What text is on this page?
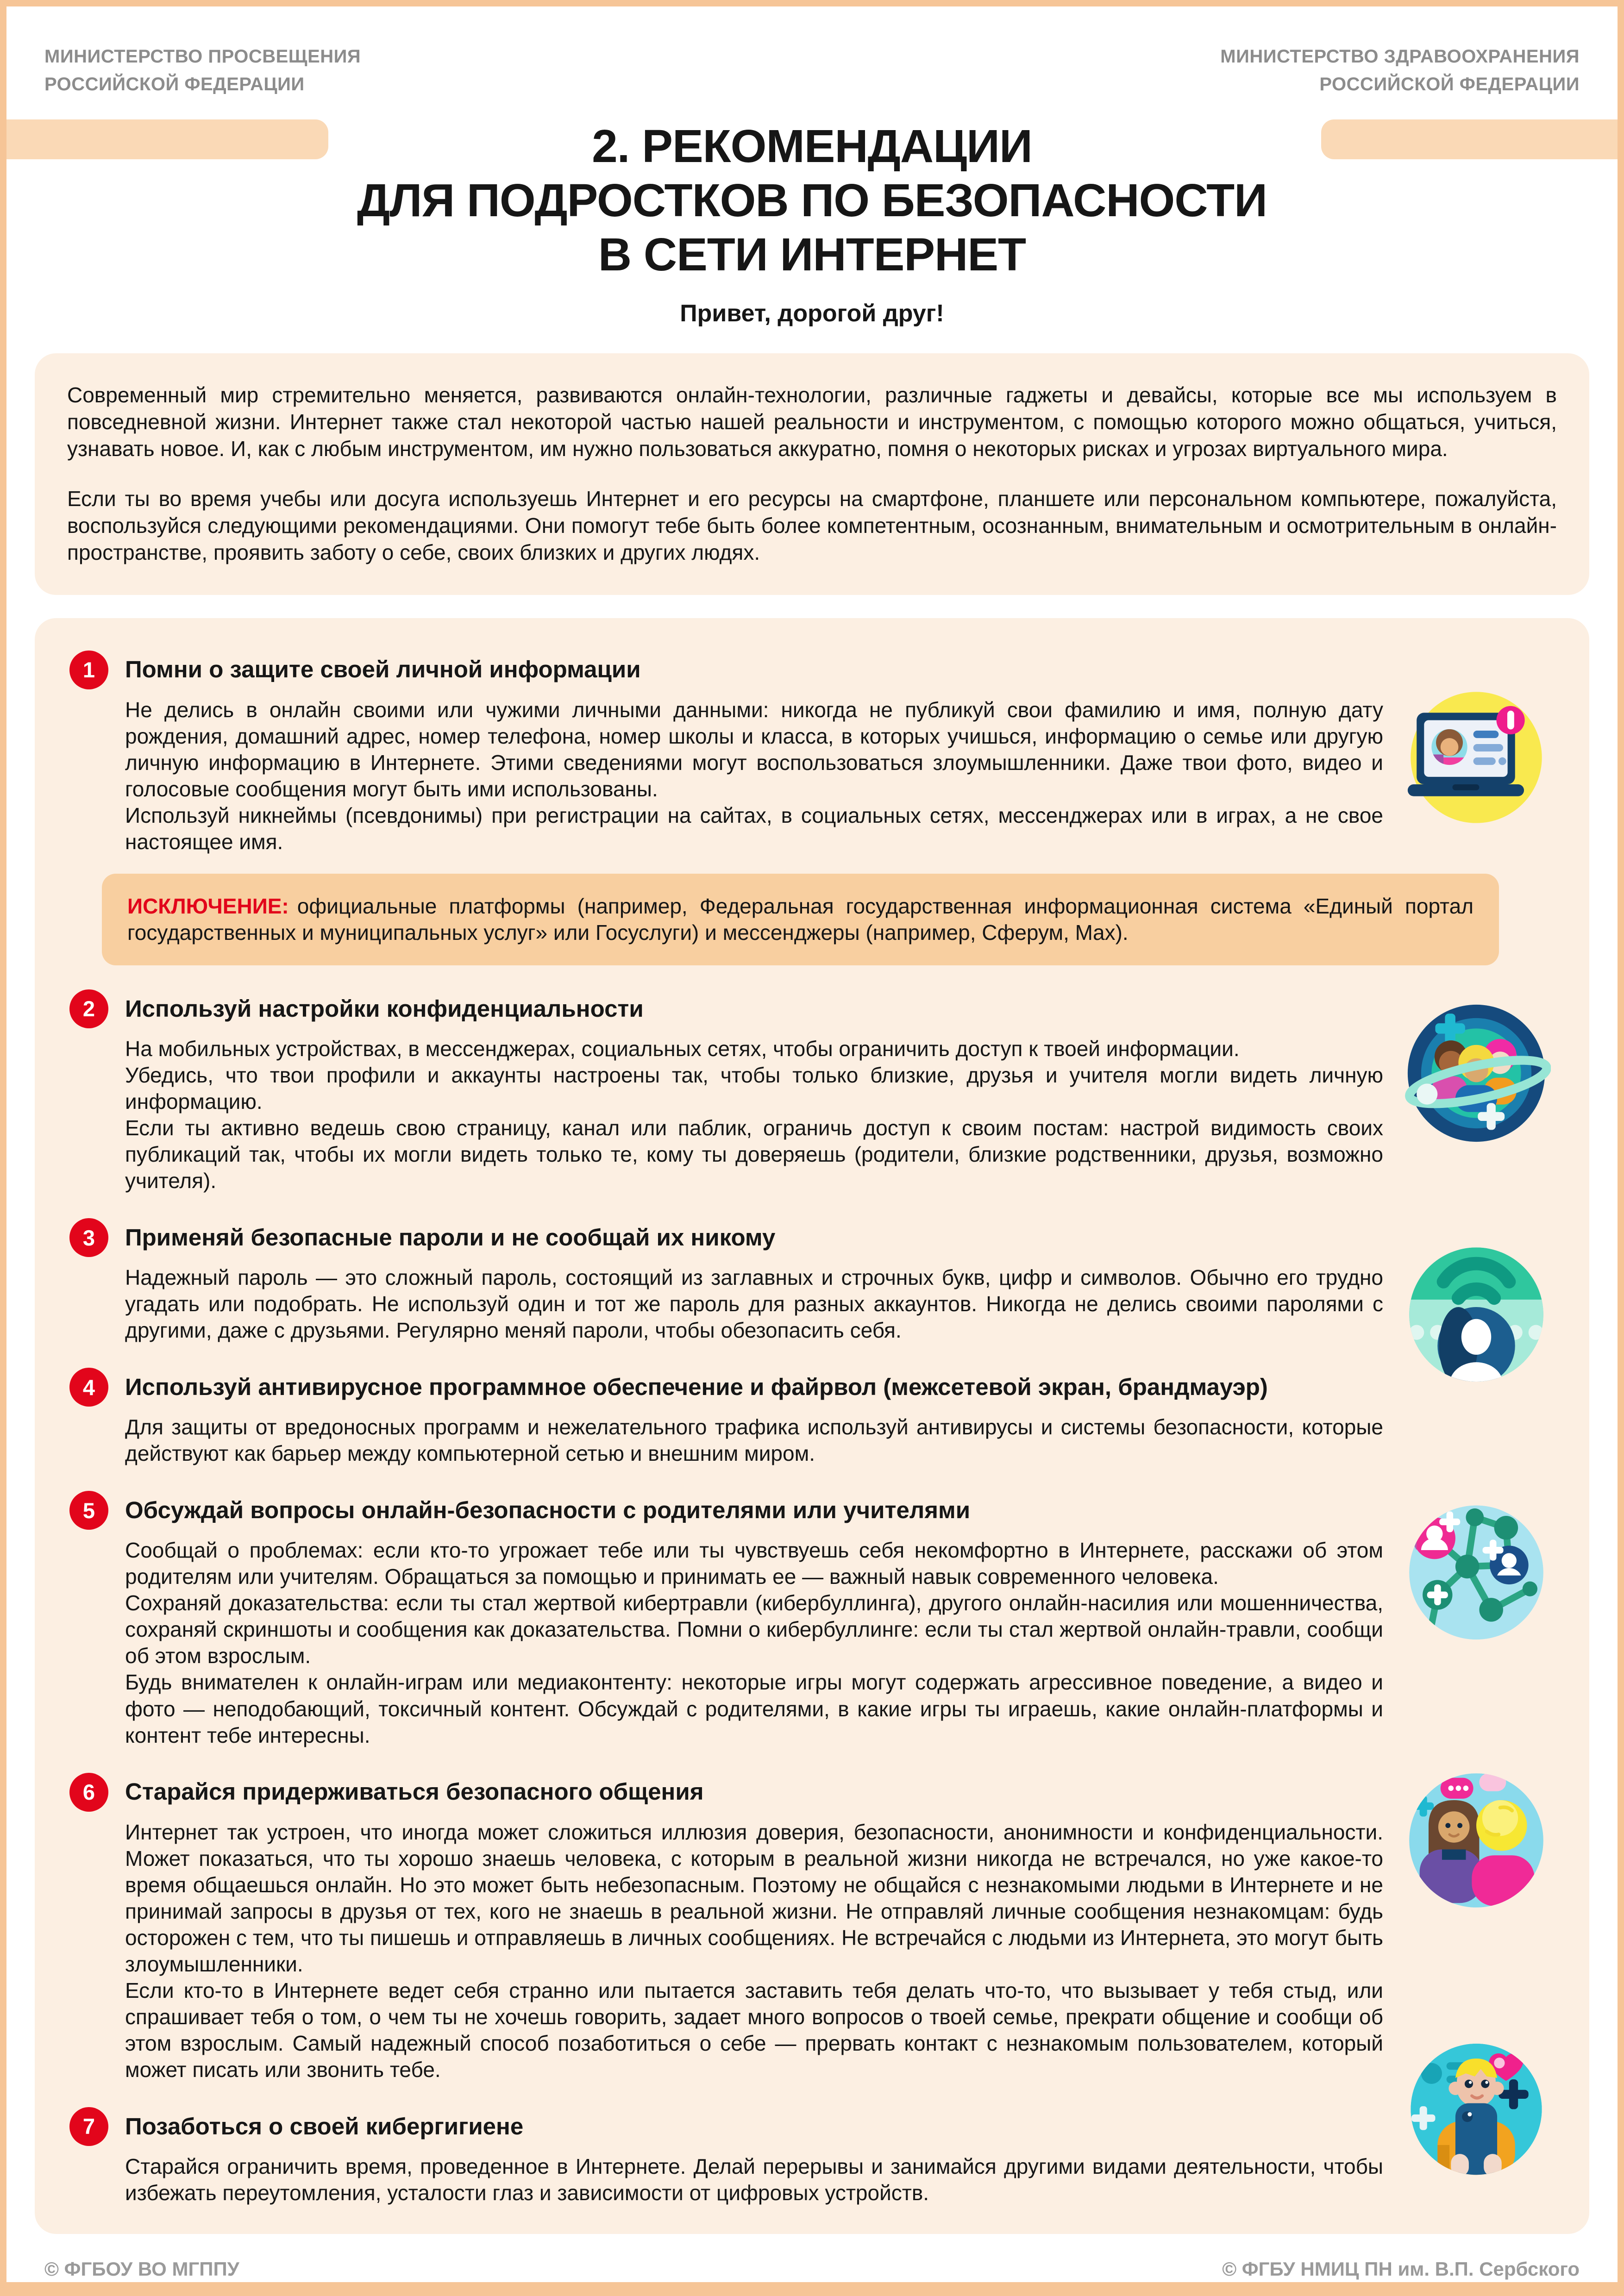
МИНИСТЕРСТВО ПРОСВЕЩЕНИЯ
РОССИЙСКОЙ ФЕДЕРАЦИИ
МИНИСТЕРСТВО ЗДРАВООХРАНЕНИЯ
РОССИЙСКОЙ ФЕДЕРАЦИИ
2. РЕКОМЕНДАЦИИ
ДЛЯ ПОДРОСТКОВ ПО БЕЗОПАСНОСТИ
В СЕТИ ИНТЕРНЕТ
Привет, дорогой друг!

Современный мир стремительно меняется, развиваются онлайн-технологии, различные гаджеты и девайсы, которые все мы используем в повседневной жизни. Интернет также стал некоторой частью нашей реальности и инструментом, с помощью которого можно общаться, учиться, узнавать новое. И, как с любым инструментом, им нужно пользоваться аккуратно, помня о некоторых рисках и угрозах виртуального мира.

Если ты во время учебы или досуга используешь Интернет и его ресурсы на смартфоне, планшете или персональном компьютере, пожалуйста, воспользуйся следующими рекомендациями. Они помогут тебе быть более компетентным, осознанным, внимательным и осмотрительным в онлайн-пространстве, проявить заботу о себе, своих близких и других людях.

1	Помни о защите своей личной информации

Не делись в онлайн своими или чужими личными данными: никогда не публикуй свои фамилию и имя, полную дату рождения, домашний адрес, номер телефона, номер школы и класса, в которых учишься, информацию о семье или другую личную информацию в Интернете. Этими сведениями могут воспользоваться злоумышленники. Даже твои фото, видео и голосовые сообщения могут быть ими использованы.

Используй никнеймы (псевдонимы) при регистрации на сайтах, в социальных сетях, мессенджерах или в играх, а не свое настоящее имя.

ИСКЛЮЧЕНИЕ: официальные платформы (например, Федеральная государственная информационная система «Единый портал государственных и муниципальных услуг» или Госуслуги) и мессенджеры (например, Сферум, Max).
2	Используй настройки конфиденциальности

На мобильных устройствах, в мессенджерах, социальных сетях, чтобы ограничить доступ к твоей информации.

Убедись, что твои профили и аккаунты настроены так, чтобы только близкие, друзья и учителя могли видеть личную информацию.

Если ты активно ведешь свою страницу, канал или паблик, ограничь доступ к своим постам: настрой видимость своих публикаций так, чтобы их могли видеть только те, кому ты доверяешь (родители, близкие родственники, друзья, возможно учителя).

3	Применяй безопасные пароли и не сообщай их никому

Надежный пароль — это сложный пароль, состоящий из заглавных и строчных букв, цифр и символов. Обычно его трудно угадать или подобрать. Не используй один и тот же пароль для разных аккаунтов. Никогда не делись своими паролями с другими, даже с друзьями. Регулярно меняй пароли, чтобы обезопасить себя.

4	Используй антивирусное программное обеспечение и файрвол (межсетевой экран, брандмауэр)

Для защиты от вредоносных программ и нежелательного трафика используй антивирусы и системы безопасности, которые действуют как барьер между компьютерной сетью и внешним миром.

5	Обсуждай вопросы онлайн-безопасности с родителями или учителями

Сообщай о проблемах: если кто-то угрожает тебе или ты чувствуешь себя некомфортно в Интернете, расскажи об этом родителям или учителям. Обращаться за помощью и принимать ее — важный навык современного человека.

Сохраняй доказательства: если ты стал жертвой кибертравли (кибербуллинга), другого онлайн-насилия или мошенничества, сохраняй скриншоты и сообщения как доказательства. Помни о кибербуллинге: если ты стал жертвой онлайн-травли, сообщи об этом взрослым.

Будь внимателен к онлайн-играм или медиаконтенту: некоторые игры могут содержать агрессивное поведение, а видео и фото — неподобающий, токсичный контент. Обсуждай с родителями, в какие игры ты играешь, какие онлайн-платформы и контент тебе интересны.

6	Старайся придерживаться безопасного общения

Интернет так устроен, что иногда может сложиться иллюзия доверия, безопасности, анонимности и конфиденциальности. Может показаться, что ты хорошо знаешь человека, с которым в реальной жизни никогда не встречался, но уже какое-то время общаешься онлайн. Но это может быть небезопасным. Поэтому не общайся с незнакомыми людьми в Интернете и не принимай запросы в друзья от тех, кого не знаешь в реальной жизни. Не отправляй личные сообщения незнакомцам: будь осторожен с тем, что ты пишешь и отправляешь в личных сообщениях. Не встречайся с людьми из Интернета, это могут быть злоумышленники.

Если кто-то в Интернете ведет себя странно или пытается заставить тебя делать что-то, что вызывает у тебя стыд, или спрашивает тебя о том, о чем ты не хочешь говорить, задает много вопросов о твоей семье, прекрати общение и сообщи об этом взрослым. Самый надежный способ позаботиться о себе — прервать контакт с незнакомым пользователем, который может писать или звонить тебе.

7	Позаботься о своей кибергигиене

Старайся ограничить время, проведенное в Интернете. Делай перерывы и занимайся другими видами деятельности, чтобы избежать переутомления, усталости глаз и зависимости от цифровых устройств.

© ФГБОУ ВО МГППУ	© ФГБУ НМИЦ ПН им. В.П. Сербского
